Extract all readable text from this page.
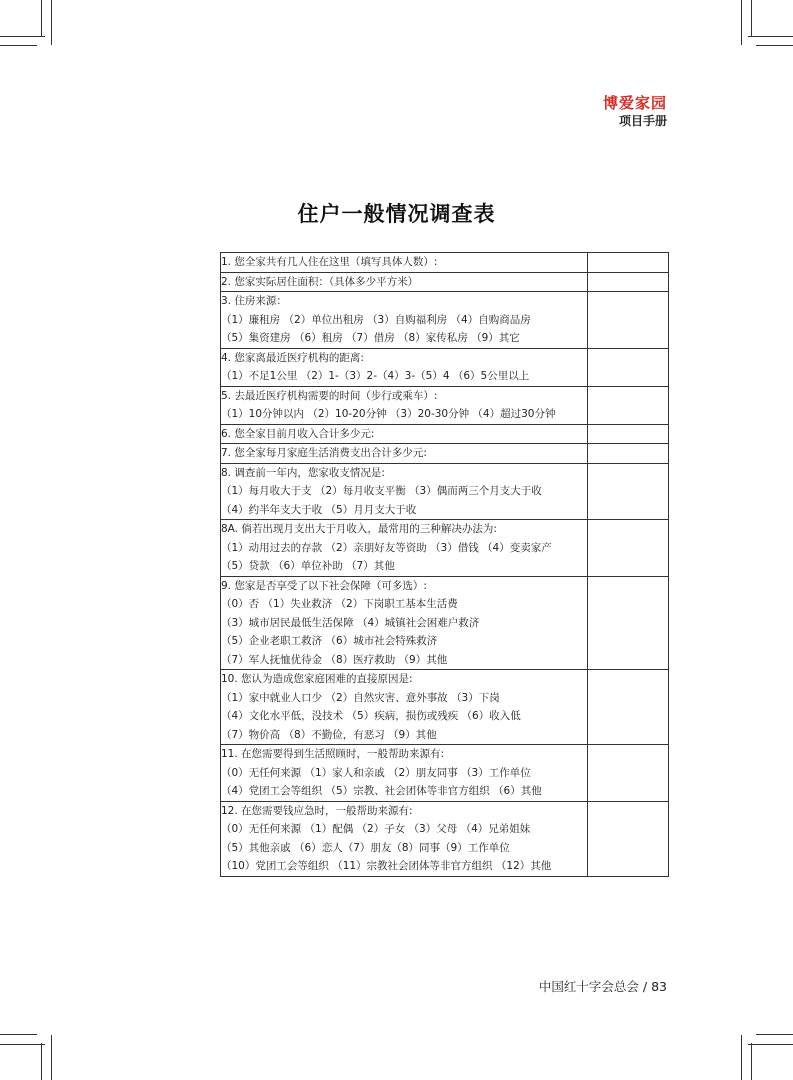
博爱家园
项目手册
住户一般情况调查表
1. 您全家共有几人住在这里（填写具体人数）:	

2. 您家实际居住面积：（具体多少平方米）	

3. 住房来源：
（1）廉租房 （2）单位出租房 （3）自购福利房 （4）自购商品房
（5）集资建房 （6）租房 （7）借房 （8）家传私房 （9）其它	

4. 您家离最近医疗机构的距离:
（1）不足1公里 （2）1-（3）2-（4）3-（5）4 （6）5公里以上	

5. 去最近医疗机构需要的时间（步行或乘车）:
（1）10分钟以内 （2）10-20分钟 （3）20-30分钟 （4）超过30分钟	

6. 您全家目前月收入合计多少元:	

7. 您全家每月家庭生活消费支出合计多少元:	

8. 调查前一年内，您家收支情况是:
（1）每月收大于支 （2）每月收支平衡 （3）偶而两三个月支大于收
（4）约半年支大于收 （5）月月支大于收	

8A. 倘若出现月支出大于月收入，最常用的三种解决办法为:
（1）动用过去的存款 （2）亲朋好友等资助 （3）借钱 （4）变卖家产
（5）贷款 （6）单位补助 （7）其他	

9. 您家是否享受了以下社会保障（可多选）:
（0）否 （1）失业救济 （2）下岗职工基本生活费
（3）城市居民最低生活保障 （4）城镇社会困难户救济
（5）企业老职工救济 （6）城市社会特殊救济
（7）军人抚恤优待金 （8）医疗救助 （9）其他	

10. 您认为造成您家庭困难的直接原因是:
（1）家中就业人口少 （2）自然灾害、意外事故 （3）下岗
（4）文化水平低，没技术 （5）疾病，损伤或残疾 （6）收入低
（7）物价高 （8）不勤俭，有恶习 （9）其他	

11. 在您需要得到生活照顾时，一般帮助来源有:
（0）无任何来源 （1）家人和亲戚 （2）朋友同事 （3）工作单位
（4）党团工会等组织 （5）宗教、社会团体等非官方组织 （6）其他	

12. 在您需要钱应急时，一般帮助来源有:
（0）无任何来源 （1）配偶 （2）子女 （3）父母 （4）兄弟姐妹
（5）其他亲戚 （6）恋人（7）朋友（8）同事（9）工作单位
（10）党团工会等组织 （11）宗教社会团体等非官方组织 （12）其他	

中国红十字会总会 / 83
